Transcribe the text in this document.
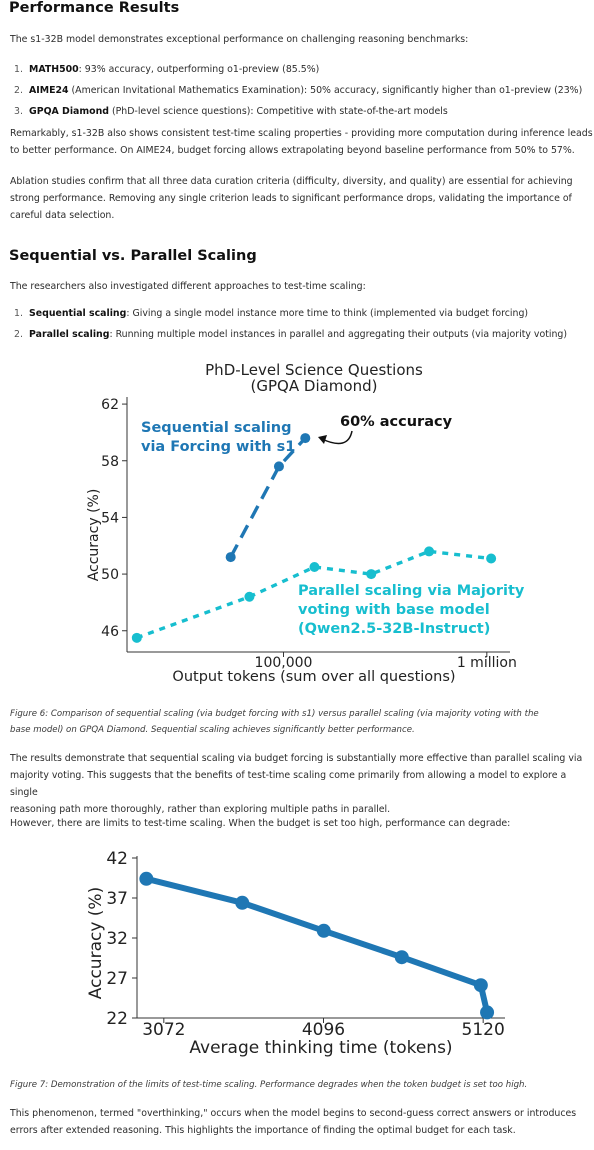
Performance Results

The s1-32B model demonstrates exceptional performance on challenging reasoning benchmarks:

1. MATH500: 93% accuracy, outperforming o1-preview (85.5%)
2. AIME24 (American Invitational Mathematics Examination): 50% accuracy, significantly higher than o1-preview (23%)
3. GPQA Diamond (PhD-level science questions): Competitive with state-of-the-art models

Remarkably, s1-32B also shows consistent test-time scaling properties - providing more computation during inference leads

to better performance. On AIME24, budget forcing allows extrapolating beyond baseline performance from 50% to 57%.

Ablation studies confirm that all three data curation criteria (difficulty, diversity, and quality) are essential for achieving

strong performance. Removing any single criterion leads to significant performance drops, validating the importance of

careful data selection.

Sequential vs. Parallel Scaling

The researchers also investigated different approaches to test-time scaling:

1. Sequential scaling: Giving a single model instance more time to think (implemented via budget forcing)
2. Parallel scaling: Running multiple model instances in parallel and aggregating their outputs (via majority voting)
PhD-Level Science Questions
(GPQA Diamond)
Accuracy (%)
Output tokens (sum over all questions)
62
58
54
50
46
100,000	1 million
Sequential scaling
via Forcing with s1
60% accuracy
Parallel scaling via Majority
voting with base model
(Qwen2.5-32B-Instruct)

Figure 6: Comparison of sequential scaling (via budget forcing with s1) versus parallel scaling (via majority voting with the

base model) on GPQA Diamond. Sequential scaling achieves significantly better performance.

The results demonstrate that sequential scaling via budget forcing is substantially more effective than parallel scaling via

majority voting. This suggests that the benefits of test-time scaling come primarily from allowing a model to explore a single

reasoning path more thoroughly, rather than exploring multiple paths in parallel.

However, there are limits to test-time scaling. When the budget is set too high, performance can degrade:

Accuracy (%)
Average thinking time (tokens)
42
37
32
27
22
3072	4096	5120

Figure 7: Demonstration of the limits of test-time scaling. Performance degrades when the token budget is set too high.

This phenomenon, termed "overthinking," occurs when the model begins to second-guess correct answers or introduces

errors after extended reasoning. This highlights the importance of finding the optimal budget for each task.
